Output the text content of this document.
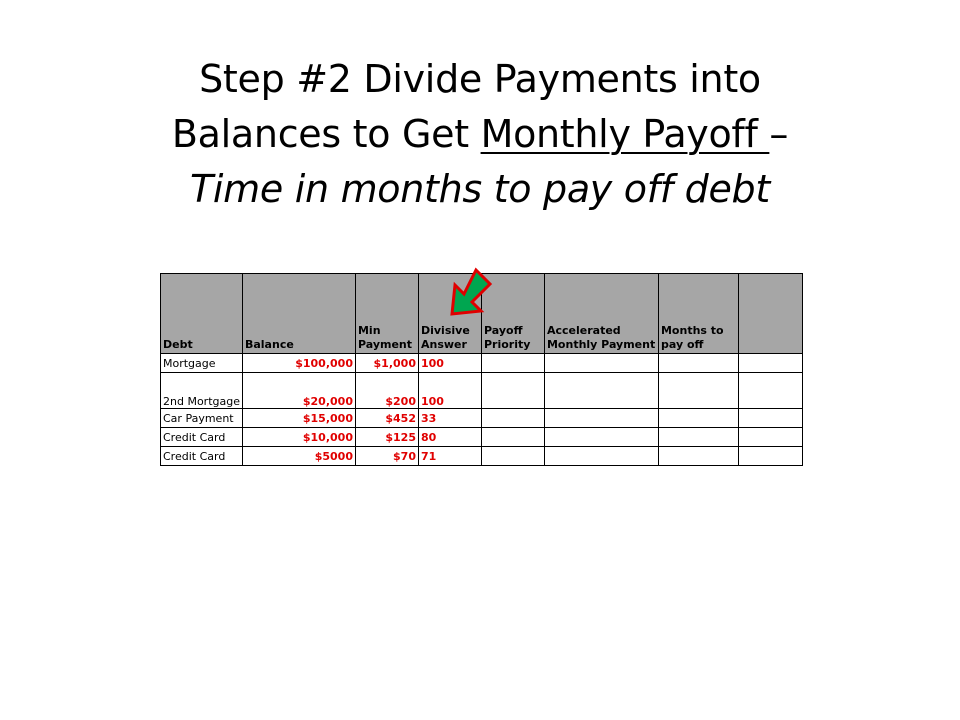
Step #2 Divide Payments into
Balances to Get Monthly Payoff –
Time in months to pay off debt
Debt	Balance	Min Payment	Divisive Answer	Payoff Priority	Accelerated Monthly Payment	Months to pay off	
Mortgage	$100,000	$1,000	100				
2nd Mortgage	$20,000	$200	100				
Car Payment	$15,000	$452	33				
Credit Card	$10,000	$125	80				
Credit Card	$5000	$70	71				
